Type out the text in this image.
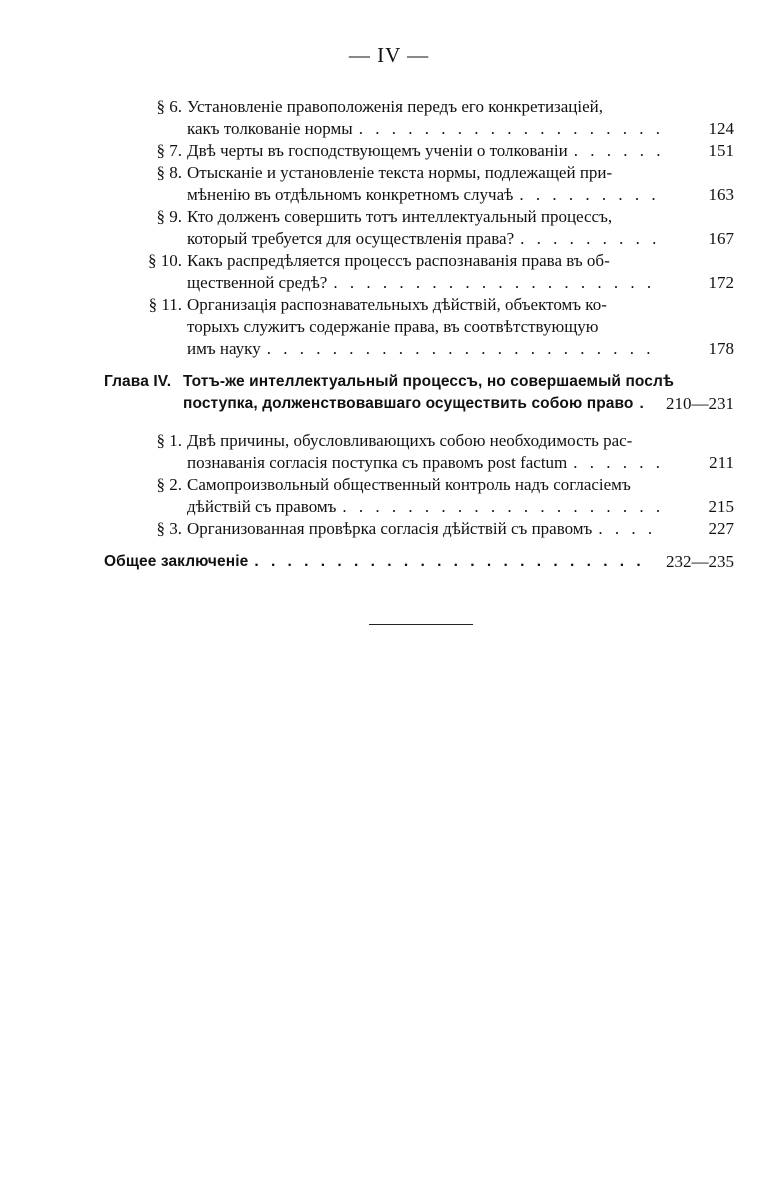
— IV —
§ 6. Установленіе правоположенія передъ его конкретизаціей,
какъ толкованіе нормы . . .	124
§ 7. Двѣ черты въ господствующемъ ученіи о толкованіи . . .	151
§ 8. Отысканіе и установленіе текста нормы, подлежащей при-
мѣненію въ отдѣльномъ конкретномъ случаѣ . . .	163
§ 9. Кто долженъ совершить тотъ интеллектуальный процессъ,
который требуется для осуществленія права? . . .	167
§ 10. Какъ распредѣляется процессъ распознаванія права въ об-
щественной средѣ? . . .	172
§ 11. Организація распознавательныхъ дѣйствій, объектомъ ко-
торыхъ служитъ содержаніе права, въ соотвѣтствующую
имъ науку . . .	178
Глава IV. Тотъ-же интеллектуальный процессъ, но совершаемый послѣ
поступка, долженствовавшаго осуществить собою право . . . 210—231
§ 1. Двѣ причины, обусловливающихъ собою необходимость рас-
познаванія согласія поступка съ правомъ post factum . . .	211
§ 2. Самопроизвольный общественный контроль надъ согласіемъ
дѣйствій съ правомъ . . .	215
§ 3. Организованная провѣрка согласія дѣйствій съ правомъ . . .	227
Общее заключеніе . . .	232—235
